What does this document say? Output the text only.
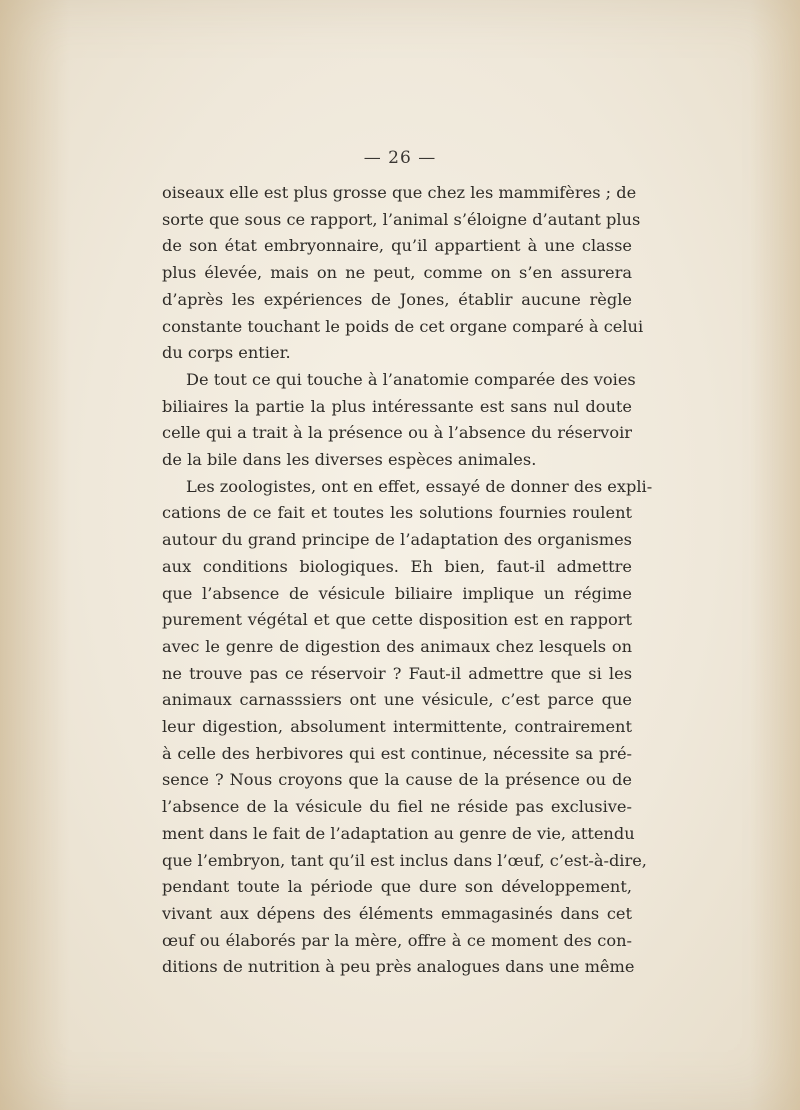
— 26 —
oiseaux elle est plus grosse que chez les mammifères ; de
sorte que sous ce rapport, l’animal s’éloigne d’autant plus
de son état embryonnaire, qu’il appartient à une classe
plus élevée, mais on ne peut, comme on s’en assurera
d’après les expériences de Jones, établir aucune règle
constante touchant le poids de cet organe comparé à celui
du corps entier.
De tout ce qui touche à l’anatomie comparée des voies
biliaires la partie la plus intéressante est sans nul doute
celle qui a trait à la présence ou à l’absence du réservoir
de la bile dans les diverses espèces animales.
Les zoologistes, ont en effet, essayé de donner des expli-
cations de ce fait et toutes les solutions fournies roulent
autour du grand principe de l’adaptation des organismes
aux conditions biologiques. Eh bien, faut-il admettre
que l’absence de vésicule biliaire implique un régime
purement végétal et que cette disposition est en rapport
avec le genre de digestion des animaux chez lesquels on
ne trouve pas ce réservoir ? Faut-il admettre que si les
animaux carnasssiers ont une vésicule, c’est parce que
leur digestion, absolument intermittente, contrairement
à celle des herbivores qui est continue, nécessite sa pré-
sence ? Nous croyons que la cause de la présence ou de
l’absence de la vésicule du fiel ne réside pas exclusive-
ment dans le fait de l’adaptation au genre de vie, attendu
que l’embryon, tant qu’il est inclus dans l’œuf, c’est-à-dire,
pendant toute la période que dure son développement,
vivant aux dépens des éléments emmagasinés dans cet
œuf ou élaborés par la mère, offre à ce moment des con-
ditions de nutrition à peu près analogues dans une même
